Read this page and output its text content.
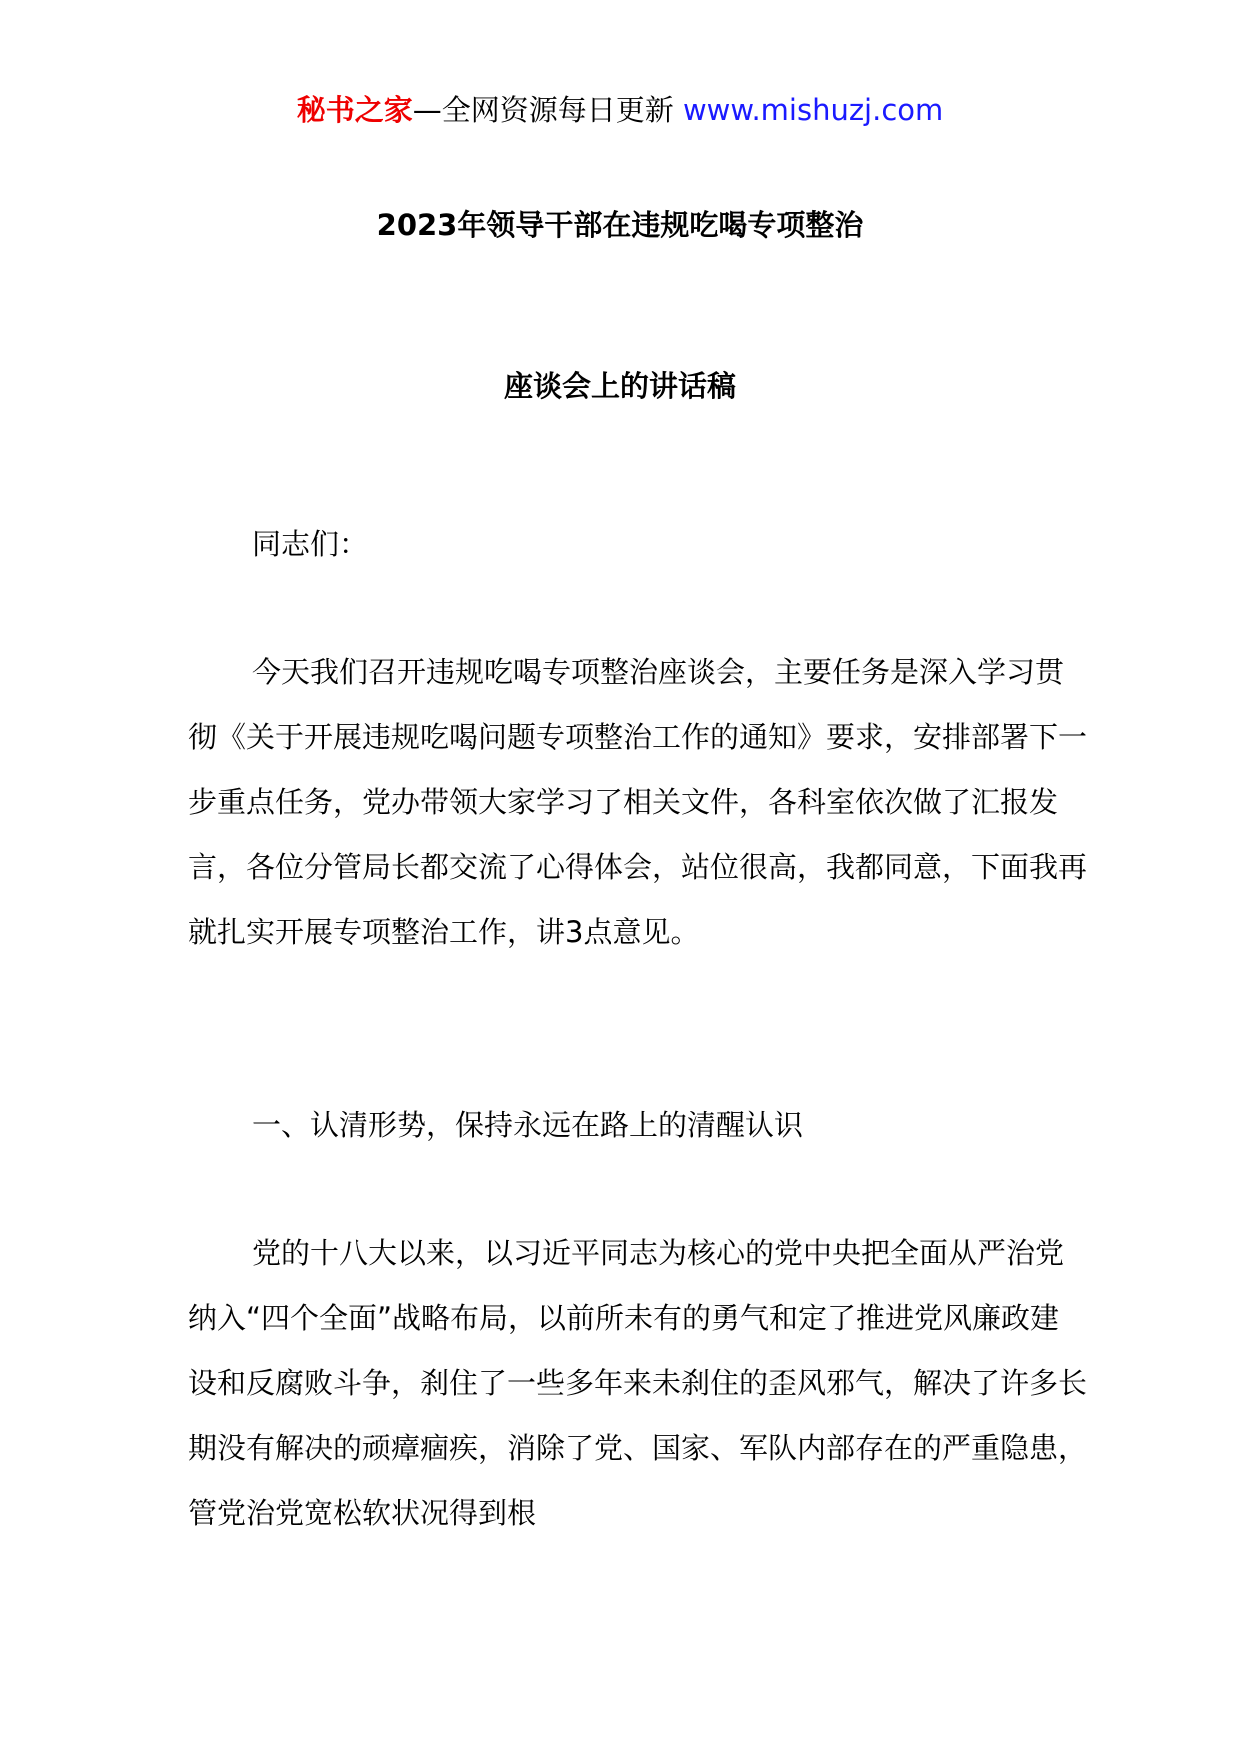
秘书之家—全网资源每日更新 www.mishuzj.com
2023年领导干部在违规吃喝专项整治
座谈会上的讲话稿
同志们：
今天我们召开违规吃喝专项整治座谈会，主要任务是深入学习贯彻《关于开展违规吃喝问题专项整治工作的通知》要求，安排部署下一步重点任务，党办带领大家学习了相关文件，各科室依次做了汇报发言，各位分管局长都交流了心得体会，站位很高，我都同意，下面我再就扎实开展专项整治工作，讲3点意见。
一、认清形势，保持永远在路上的清醒认识
党的十八大以来，以习近平同志为核心的党中央把全面从严治党纳入“四个全面”战略布局，以前所未有的勇气和定了推进党风廉政建设和反腐败斗争，刹住了一些多年来未刹住的歪风邪气，解决了许多长期没有解决的顽瘴痼疾，消除了党、国家、军队内部存在的严重隐患，管党治党宽松软状况得到根
